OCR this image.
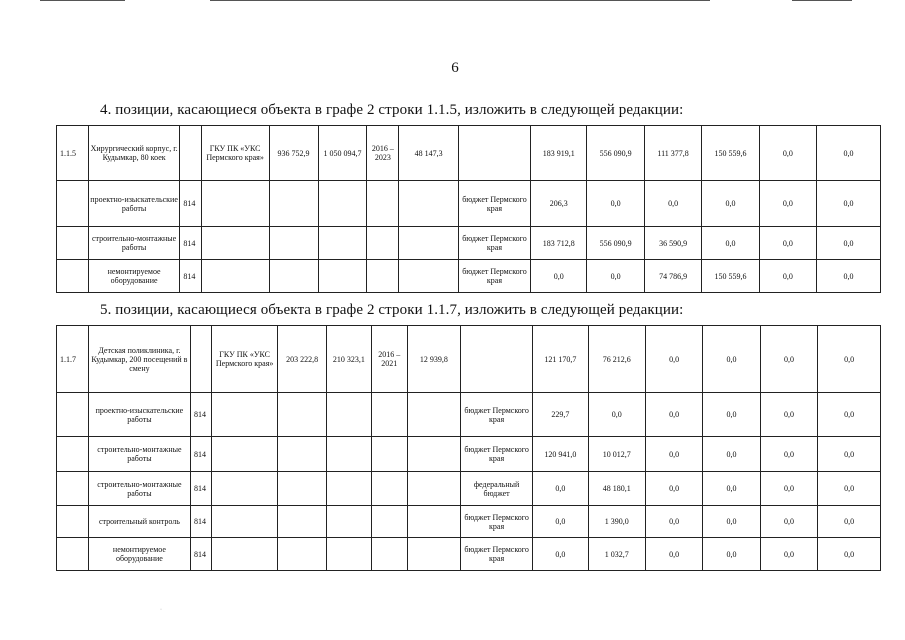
6
4. позиции, касающиеся объекта в графе 2 строки 1.1.5, изложить в следующей редакции:
1.1.5	Хирургический корпус, г. Кудымкар, 80 коек		ГКУ ПК «УКС Пермского края»	936 752,9	1 050 094,7	2016 – 2023	48 147,3		183 919,1	556 090,9	111 377,8	150 559,6	0,0	0,0
	проектно-изыскательские работы	814						бюджет Пермского края	206,3	0,0	0,0	0,0	0,0	0,0
	строительно-монтажные работы	814						бюджет Пермского края	183 712,8	556 090,9	36 590,9	0,0	0,0	0,0
	немонтируемое оборудование	814						бюджет Пермского края	0,0	0,0	74 786,9	150 559,6	0,0	0,0
5. позиции, касающиеся объекта в графе 2 строки 1.1.7, изложить в следующей редакции:
1.1.7	Детская поликлиника, г. Кудымкар, 200 посещений в смену		ГКУ ПК «УКС Пермского края»	203 222,8	210 323,1	2016 – 2021	12 939,8		121 170,7	76 212,6	0,0	0,0	0,0	0,0
	проектно-изыскательские работы	814						бюджет Пермского края	229,7	0,0	0,0	0,0	0,0	0,0
	строительно-монтажные работы	814						бюджет Пермского края	120 941,0	10 012,7	0,0	0,0	0,0	0,0
	строительно-монтажные работы	814						федеральный бюджет	0,0	48 180,1	0,0	0,0	0,0	0,0
	строительный контроль	814						бюджет Пермского края	0,0	1 390,0	0,0	0,0	0,0	0,0
	немонтируемое оборудование	814						бюджет Пермского края	0,0	1 032,7	0,0	0,0	0,0	0,0
·
